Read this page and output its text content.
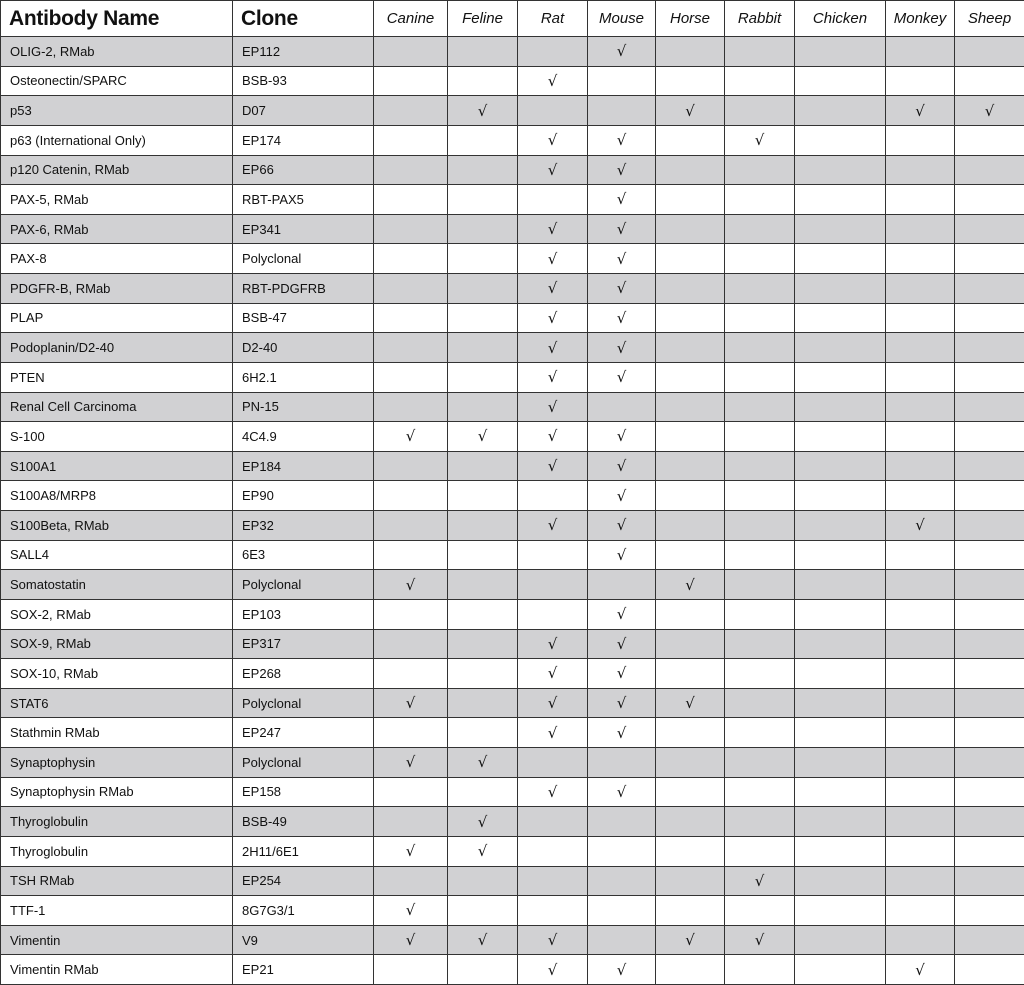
Antibody Name	Clone	Canine	Feline	Rat	Mouse	Horse	Rabbit	Chicken	Monkey	Sheep
OLIG-2, RMab	EP112				√					
Osteonectin/SPARC	BSB-93			√						
p53	D07		√			√			√	√
p63 (International Only)	EP174			√	√		√			
p120 Catenin, RMab	EP66			√	√					
PAX-5, RMab	RBT-PAX5				√					
PAX-6, RMab	EP341			√	√					
PAX-8	Polyclonal			√	√					
PDGFR-B, RMab	RBT-PDGFRB			√	√					
PLAP	BSB-47			√	√					
Podoplanin/D2-40	D2-40			√	√					
PTEN	6H2.1			√	√					
Renal Cell Carcinoma	PN-15			√						
S-100	4C4.9	√	√	√	√					
S100A1	EP184			√	√					
S100A8/MRP8	EP90				√					
S100Beta, RMab	EP32			√	√				√	
SALL4	6E3				√					
Somatostatin	Polyclonal	√				√				
SOX-2, RMab	EP103				√					
SOX-9, RMab	EP317			√	√					
SOX-10, RMab	EP268			√	√					
STAT6	Polyclonal	√		√	√	√				
Stathmin RMab	EP247			√	√					
Synaptophysin	Polyclonal	√	√							
Synaptophysin RMab	EP158			√	√					
Thyroglobulin	BSB-49		√							
Thyroglobulin	2H11/6E1	√	√							
TSH RMab	EP254						√			
TTF-1	8G7G3/1	√								
Vimentin	V9	√	√	√		√	√			
Vimentin RMab	EP21			√	√				√	
